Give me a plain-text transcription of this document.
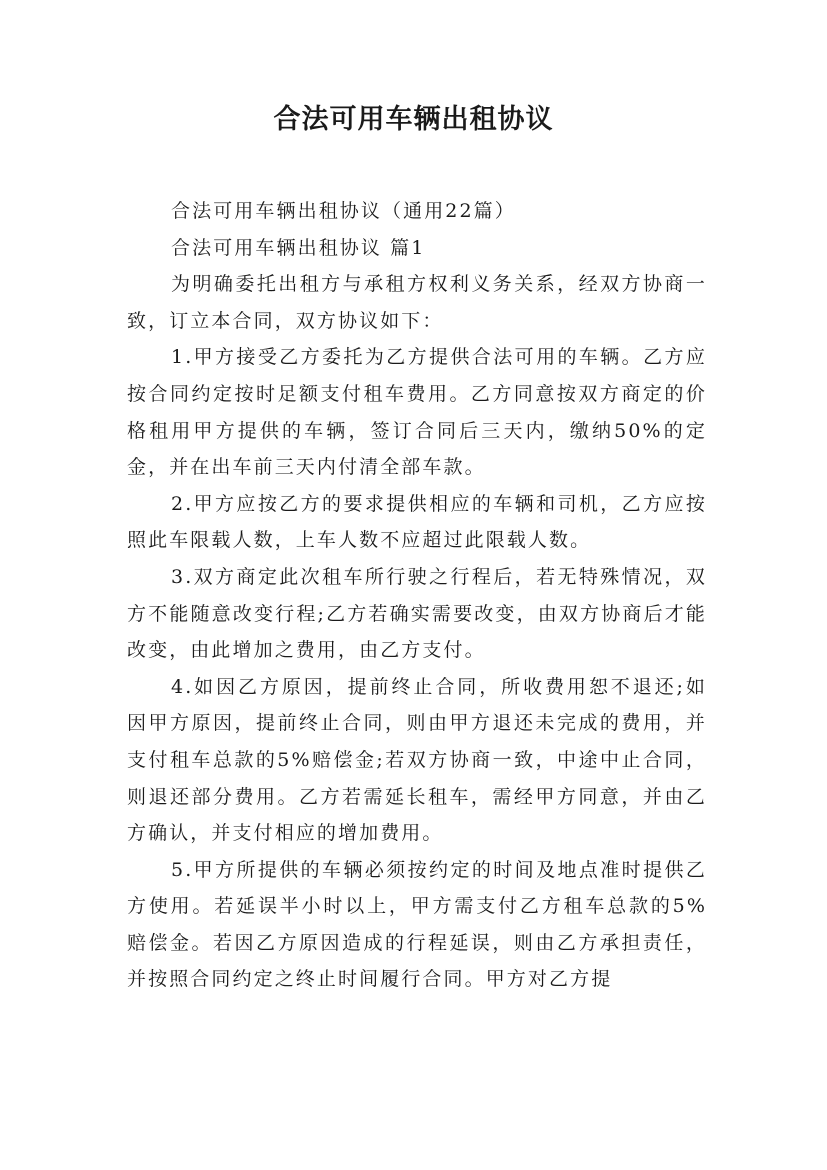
合法可用车辆出租协议

合法可用车辆出租协议（通用22篇）

合法可用车辆出租协议 篇1

为明确委托出租方与承租方权利义务关系，经双方协商一致，订立本合同，双方协议如下：

1.甲方接受乙方委托为乙方提供合法可用的车辆。乙方应按合同约定按时足额支付租车费用。乙方同意按双方商定的价格租用甲方提供的车辆，签订合同后三天内，缴纳50%的定金，并在出车前三天内付清全部车款。

2.甲方应按乙方的要求提供相应的车辆和司机，乙方应按照此车限载人数，上车人数不应超过此限载人数。

3.双方商定此次租车所行驶之行程后，若无特殊情况，双方不能随意改变行程;乙方若确实需要改变，由双方协商后才能改变，由此增加之费用，由乙方支付。

4.如因乙方原因，提前终止合同，所收费用恕不退还;如因甲方原因，提前终止合同，则由甲方退还未完成的费用，并支付租车总款的5%赔偿金;若双方协商一致，中途中止合同，则退还部分费用。乙方若需延长租车，需经甲方同意，并由乙方确认，并支付相应的增加费用。

5.甲方所提供的车辆必须按约定的时间及地点准时提供乙方使用。若延误半小时以上，甲方需支付乙方租车总款的5%赔偿金。若因乙方原因造成的行程延误，则由乙方承担责任，并按照合同约定之终止时间履行合同。甲方对乙方提
